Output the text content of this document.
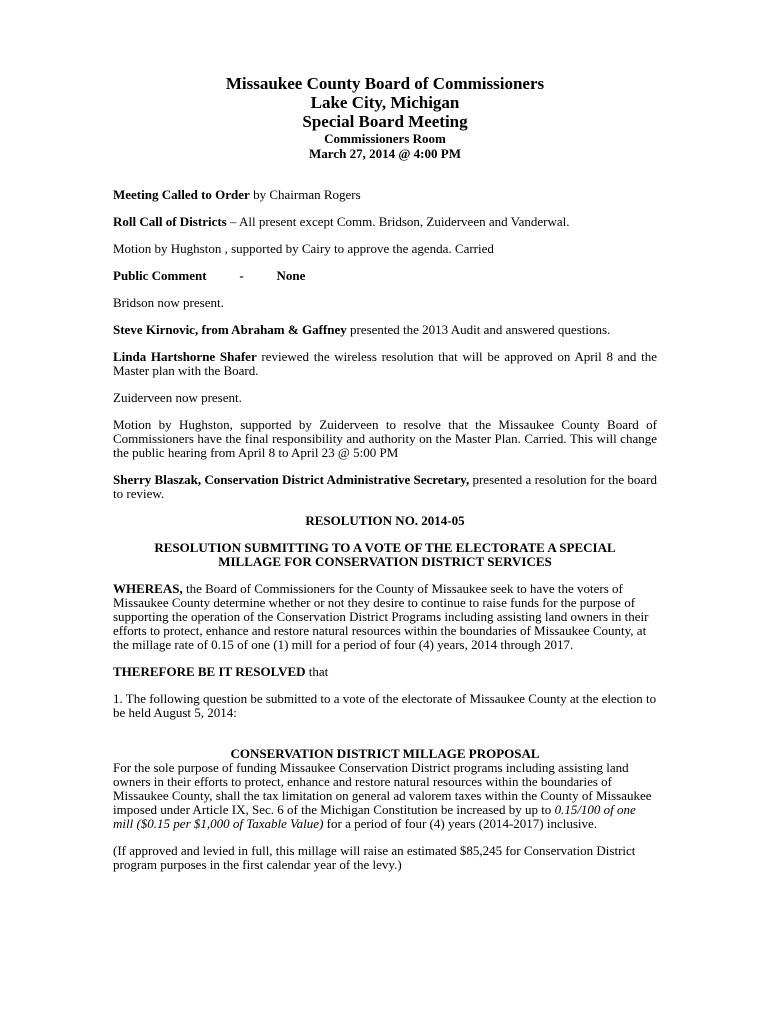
Missaukee County Board of Commissioners
Lake City, Michigan
Special Board Meeting
Commissioners Room
March 27, 2014 @ 4:00 PM

Meeting Called to Order by Chairman Rogers

Roll Call of Districts – All present except Comm. Bridson, Zuiderveen and Vanderwal.

Motion by Hughston , supported by Cairy to approve the agenda. Carried

Public Comment	-	None

Bridson now present.

Steve Kirnovic, from Abraham & Gaffney presented the 2013 Audit and answered questions.

Linda Hartshorne Shafer reviewed the wireless resolution that will be approved on April 8 and the Master plan with the Board.

Zuiderveen now present.

Motion by Hughston, supported by Zuiderveen to resolve that the Missaukee County Board of Commissioners have the final responsibility and authority on the Master Plan. Carried. This will change the public hearing from April 8 to April 23 @ 5:00 PM

Sherry Blaszak, Conservation District Administrative Secretary, presented a resolution for the board to review.

RESOLUTION NO. 2014-05

RESOLUTION SUBMITTING TO A VOTE OF THE ELECTORATE A SPECIAL

MILLAGE FOR CONSERVATION DISTRICT SERVICES

WHEREAS, the Board of Commissioners for the County of Missaukee seek to have the voters of Missaukee County determine whether or not they desire to continue to raise funds for the purpose of supporting the operation of the Conservation District Programs including assisting land owners in their efforts to protect, enhance and restore natural resources within the boundaries of Missaukee County, at the millage rate of 0.15 of one (1) mill for a period of four (4) years, 2014 through 2017.

THEREFORE BE IT RESOLVED that

1. The following question be submitted to a vote of the electorate of Missaukee County at the election to be held August 5, 2014:

CONSERVATION DISTRICT MILLAGE PROPOSAL

For the sole purpose of funding Missaukee Conservation District programs including assisting land owners in their efforts to protect, enhance and restore natural resources within the boundaries of Missaukee County, shall the tax limitation on general ad valorem taxes within the County of Missaukee imposed under Article IX, Sec. 6 of the Michigan Constitution be increased by up to 0.15/100 of one mill ($0.15 per $1,000 of Taxable Value) for a period of four (4) years (2014-2017) inclusive.

(If approved and levied in full, this millage will raise an estimated $85,245 for Conservation District program purposes in the first calendar year of the levy.)
